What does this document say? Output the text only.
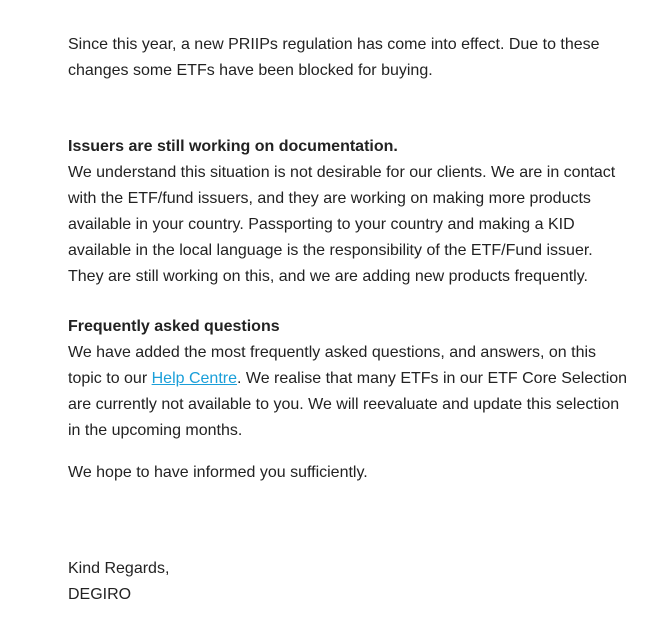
Since this year, a new PRIIPs regulation has come into effect. Due to these changes some ETFs have been blocked for buying.

Issuers are still working on documentation.

We understand this situation is not desirable for our clients. We are in contact with the ETF/fund issuers, and they are working on making more products available in your country. Passporting to your country and making a KID available in the local language is the responsibility of the ETF/Fund issuer. They are still working on this, and we are adding new products frequently.

Frequently asked questions

We have added the most frequently asked questions, and answers, on this topic to our Help Centre. We realise that many ETFs in our ETF Core Selection are currently not available to you. We will reevaluate and update this selection in the upcoming months.

We hope to have informed you sufficiently.

Kind Regards,
DEGIRO
